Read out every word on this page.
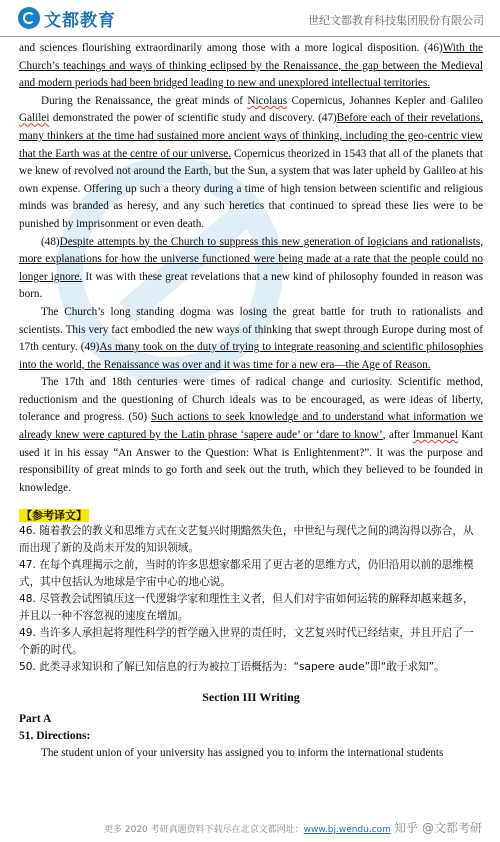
文都教育	世纪文都教育科技集团股份有限公司

and sciences flourishing extraordinarily among those with a more logical disposition. (46)With the Church’s teachings and ways of thinking eclipsed by the Renaissance, the gap between the Medieval and modern periods had been bridged leading to new and unexplored intellectual territories.

During the Renaissance, the great minds of Nicolaus Copernicus, Johannes Kepler and Galileo Galilei demonstrated the power of scientific study and discovery. (47)Before each of their revelations, many thinkers at the time had sustained more ancient ways of thinking, including the geo-centric view that the Earth was at the centre of our universe. Copernicus theorized in 1543 that all of the planets that we knew of revolved not around the Earth, but the Sun, a system that was later upheld by Galileo at his own expense. Offering up such a theory during a time of high tension between scientific and religious minds was branded as heresy, and any such heretics that continued to spread these lies were to be punished by imprisonment or even death.

(48)Despite attempts by the Church to suppress this new generation of logicians and rationalists, more explanations for how the universe functioned were being made at a rate that the people could no longer ignore. It was with these great revelations that a new kind of philosophy founded in reason was born.

The Church’s long standing dogma was losing the great battle for truth to rationalists and scientists. This very fact embodied the new ways of thinking that swept through Europe during most of 17th century. (49)As many took on the duty of trying to integrate reasoning and scientific philosophies into the world, the Renaissance was over and it was time for a new era—the Age of Reason.

The 17th and 18th centuries were times of radical change and curiosity. Scientific method, reductionism and the questioning of Church ideals was to be encouraged, as were ideas of liberty, tolerance and progress. (50) Such actions to seek knowledge and to understand what information we already knew were captured by the Latin phrase ‘sapere aude’ or ‘dare to know’, after Immanuel Kant used it in his essay “An Answer to the Question: What is Enlightenment?”. It was the purpose and responsibility of great minds to go forth and seek out the truth, which they believed to be founded in knowledge.

【参考译文】

46. 随着教会的教义和思维方式在文艺复兴时期黯然失色，中世纪与现代之间的鸿沟得以弥合，从而出现了新的及尚未开发的知识领域。

47. 在每个真理揭示之前，当时的许多思想家都采用了更古老的思维方式，仍旧沿用以前的思维模式，其中包括认为地球是宇宙中心的地心说。

48. 尽管教会试图镇压这一代逻辑学家和理性主义者，但人们对宇宙如何运转的解释却越来越多，并且以一种不容忽视的速度在增加。

49. 当许多人承担起将理性科学的哲学融入世界的责任时，文艺复兴时代已经结束，并且开启了一个新的时代。

50. 此类寻求知识和了解已知信息的行为被拉丁语概括为：“sapere aude”即“敢于求知”。

Section III Writing
Part A
51. Directions:

The student union of your university has assigned you to inform the international students

更多 2020 考研真题资料下载尽在北京文都网址：www.bj.wendu.com 知乎 @文都考研
